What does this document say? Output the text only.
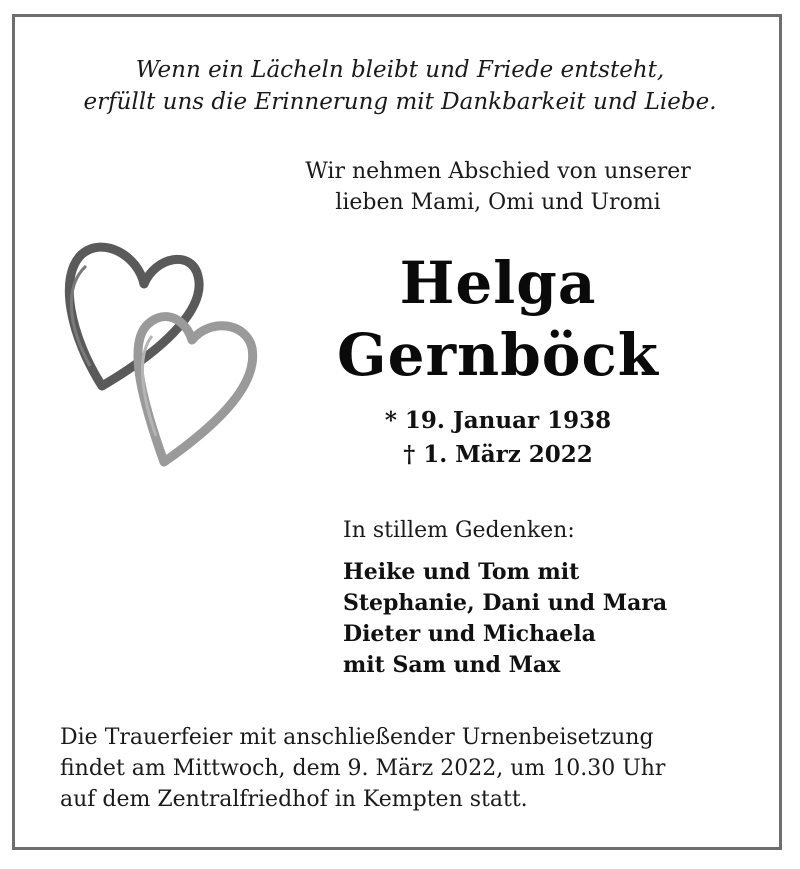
Wenn ein Lächeln bleibt und Friede entsteht,
erfüllt uns die Erinnerung mit Dankbarkeit und Liebe.
Wir nehmen Abschied von unserer
lieben Mami, Omi und Uromi
Helga
Gernböck
* 19. Januar 1938
† 1. März 2022
In stillem Gedenken:
Heike und Tom mit
Stephanie, Dani und Mara
Dieter und Michaela
mit Sam und Max
Die Trauerfeier mit anschließender Urnenbeisetzung
findet am Mittwoch, dem 9. März 2022, um 10.30 Uhr
auf dem Zentralfriedhof in Kempten statt.
